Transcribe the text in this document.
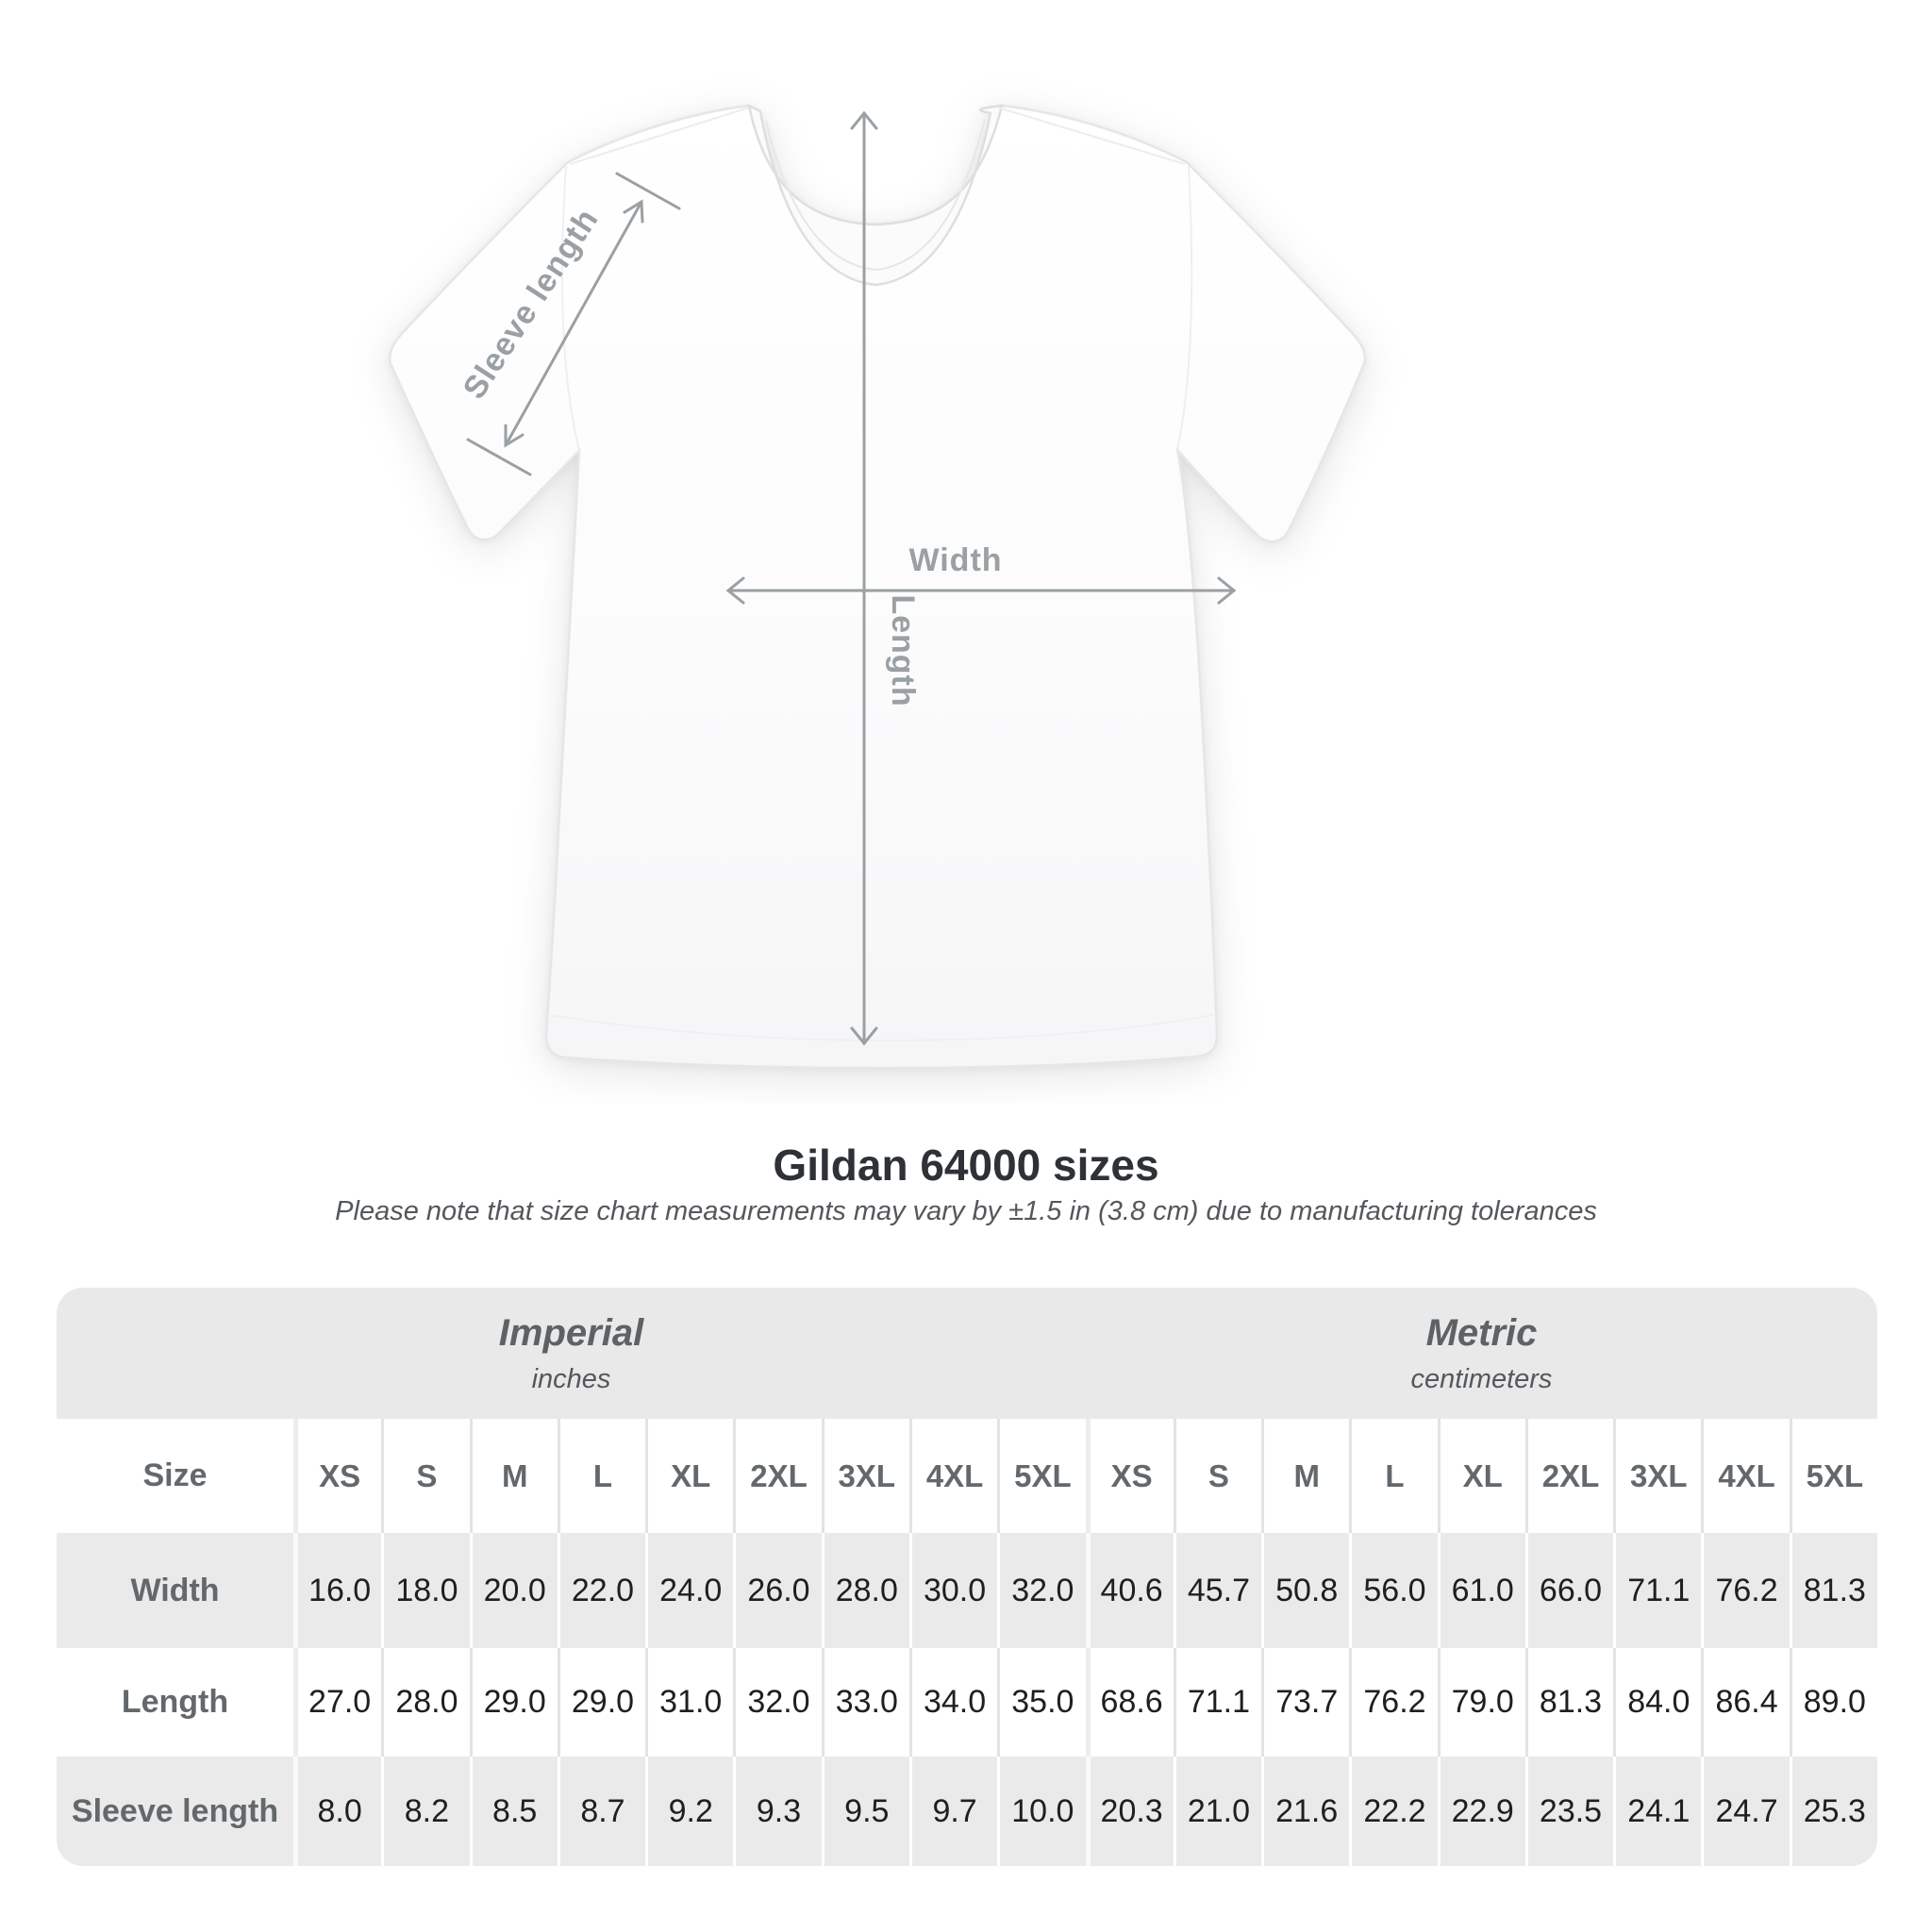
Sleeve length
Length
Width
Gildan 64000 sizes
Please note that size chart measurements may vary by ±1.5 in (3.8 cm) due to manufacturing tolerances
Imperial
inches
Metric
centimeters
Size	XS	S	M	L	XL	2XL 3XL 4XL 5XL	XS	S	M	L	XL	2XL 3XL 4XL 5XL
Width	16.0 18.0 20.0 22.0 24.0 26.0 28.0 30.0 32.0 40.6 45.7 50.8 56.0 61.0 66.0 71.1 76.2 81.3
Length	27.0 28.0 29.0 29.0 31.0 32.0 33.0 34.0 35.0 68.6 71.1 73.7 76.2 79.0 81.3 84.0 86.4 89.0
Sleeve length	8.0	8.2	8.5	8.7	9.2	9.3	9.5	9.7	10.0 20.3 21.0 21.6 22.2 22.9 23.5 24.1 24.7 25.3
